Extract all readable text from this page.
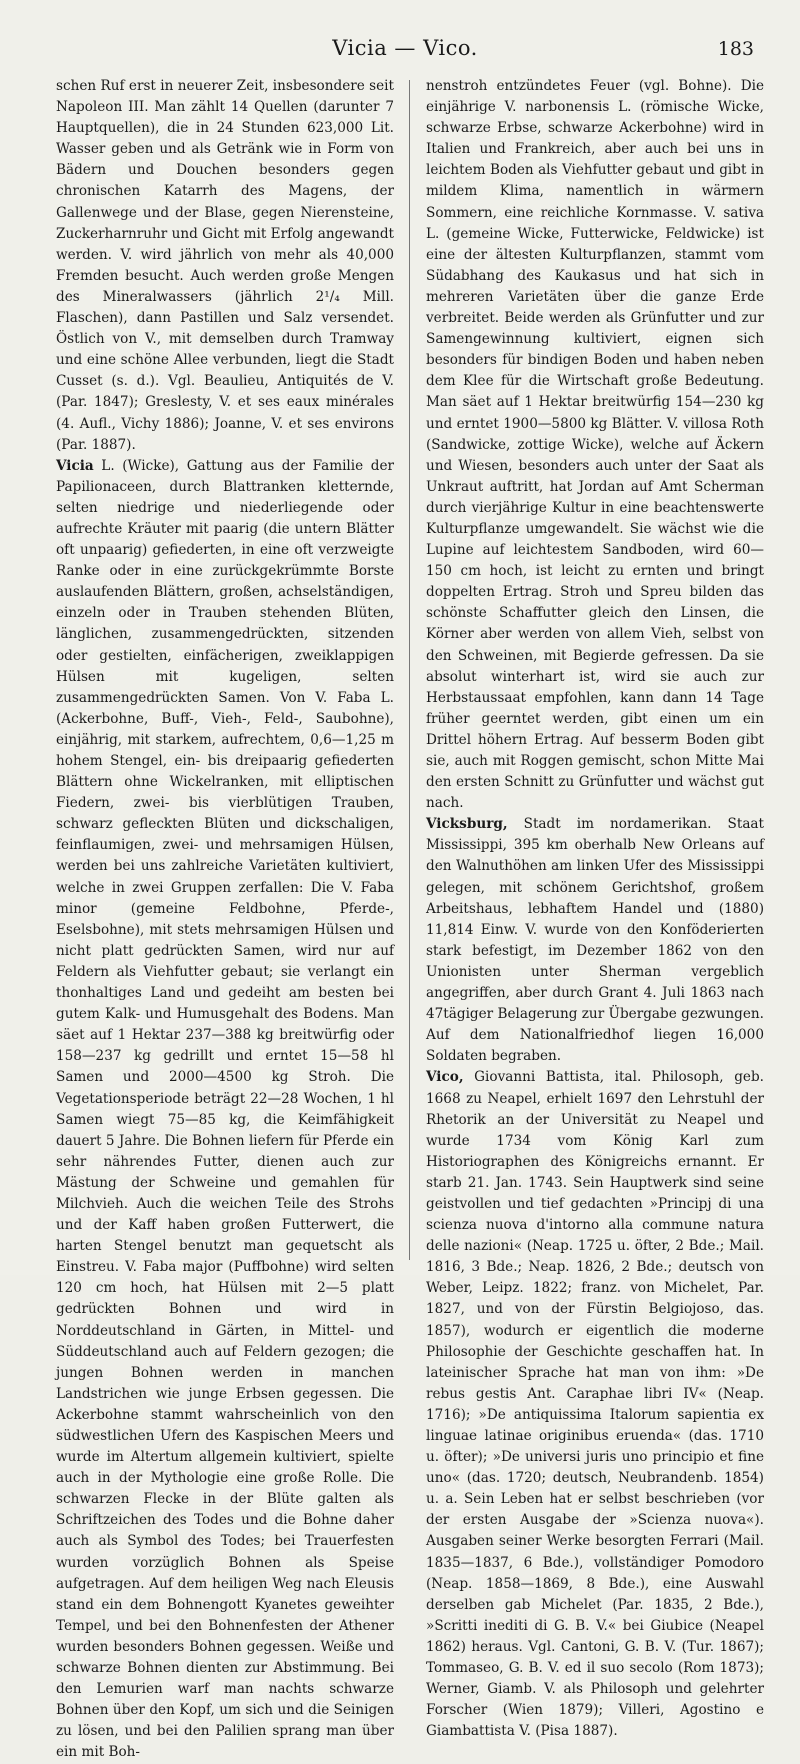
Vicia — Vico.	183

schen Ruf erst in neuerer Zeit, insbesondere seit Napoleon III. Man zählt 14 Quellen (darunter 7 Hauptquellen), die in 24 Stunden 623,000 Lit. Wasser geben und als Getränk wie in Form von Bädern und Douchen besonders gegen chronischen Katarrh des Magens, der Gallenwege und der Blase, gegen Nierensteine, Zuckerharnruhr und Gicht mit Erfolg angewandt werden. V. wird jährlich von mehr als 40,000 Fremden besucht. Auch werden große Mengen des Mineralwassers (jährlich 2¹/₄ Mill. Flaschen), dann Pastillen und Salz versendet. Östlich von V., mit demselben durch Tramway und eine schöne Allee verbunden, liegt die Stadt Cusset (s. d.). Vgl. Beaulieu, Antiquités de V. (Par. 1847); Greslesty, V. et ses eaux minérales (4. Aufl., Vichy 1886); Joanne, V. et ses environs (Par. 1887).

Vicia L. (Wicke), Gattung aus der Familie der Papilionaceen, durch Blattranken kletternde, selten niedrige und niederliegende oder aufrechte Kräuter mit paarig (die untern Blätter oft unpaarig) gefiederten, in eine oft verzweigte Ranke oder in eine zurückgekrümmte Borste auslaufenden Blättern, großen, achselständigen, einzeln oder in Trauben stehenden Blüten, länglichen, zusammengedrückten, sitzenden oder gestielten, einfächerigen, zweiklappigen Hülsen mit kugeligen, selten zusammengedrückten Samen. Von V. Faba L. (Ackerbohne, Buff-, Vieh-, Feld-, Saubohne), einjährig, mit starkem, aufrechtem, 0,6—1,25 m hohem Stengel, ein- bis dreipaarig gefiederten Blättern ohne Wickelranken, mit elliptischen Fiedern, zwei- bis vierblütigen Trauben, schwarz gefleckten Blüten und dickschaligen, feinflaumigen, zwei- und mehrsamigen Hülsen, werden bei uns zahlreiche Varietäten kultiviert, welche in zwei Gruppen zerfallen: Die V. Faba minor (gemeine Feldbohne, Pferde-, Eselsbohne), mit stets mehrsamigen Hülsen und nicht platt gedrückten Samen, wird nur auf Feldern als Viehfutter gebaut; sie verlangt ein thonhaltiges Land und gedeiht am besten bei gutem Kalk- und Humusgehalt des Bodens. Man säet auf 1 Hektar 237—388 kg breitwürfig oder 158—237 kg gedrillt und erntet 15—58 hl Samen und 2000—4500 kg Stroh. Die Vegetationsperiode beträgt 22—28 Wochen, 1 hl Samen wiegt 75—85 kg, die Keimfähigkeit dauert 5 Jahre. Die Bohnen liefern für Pferde ein sehr nährendes Futter, dienen auch zur Mästung der Schweine und gemahlen für Milchvieh. Auch die weichen Teile des Strohs und der Kaff haben großen Futterwert, die harten Stengel benutzt man gequetscht als Einstreu. V. Faba major (Puffbohne) wird selten 120 cm hoch, hat Hülsen mit 2—5 platt gedrückten Bohnen und wird in Norddeutschland in Gärten, in Mittel- und Süddeutschland auch auf Feldern gezogen; die jungen Bohnen werden in manchen Landstrichen wie junge Erbsen gegessen. Die Ackerbohne stammt wahrscheinlich von den südwestlichen Ufern des Kaspischen Meers und wurde im Altertum allgemein kultiviert, spielte auch in der Mythologie eine große Rolle. Die schwarzen Flecke in der Blüte galten als Schriftzeichen des Todes und die Bohne daher auch als Symbol des Todes; bei Trauerfesten wurden vorzüglich Bohnen als Speise aufgetragen. Auf dem heiligen Weg nach Eleusis stand ein dem Bohnengott Kyanetes geweihter Tempel, und bei den Bohnenfesten der Athener wurden besonders Bohnen gegessen. Weiße und schwarze Bohnen dienten zur Abstimmung. Bei den Lemurien warf man nachts schwarze Bohnen über den Kopf, um sich und die Seinigen zu lösen, und bei den Palilien sprang man über ein mit Boh-

nenstroh entzündetes Feuer (vgl. Bohne). Die einjährige V. narbonensis L. (römische Wicke, schwarze Erbse, schwarze Ackerbohne) wird in Italien und Frankreich, aber auch bei uns in leichtem Boden als Viehfutter gebaut und gibt in mildem Klima, namentlich in wärmern Sommern, eine reichliche Kornmasse. V. sativa L. (gemeine Wicke, Futterwicke, Feldwicke) ist eine der ältesten Kulturpflanzen, stammt vom Südabhang des Kaukasus und hat sich in mehreren Varietäten über die ganze Erde verbreitet. Beide werden als Grünfutter und zur Samengewinnung kultiviert, eignen sich besonders für bindigen Boden und haben neben dem Klee für die Wirtschaft große Bedeutung. Man säet auf 1 Hektar breitwürfig 154—230 kg und erntet 1900—5800 kg Blätter. V. villosa Roth (Sandwicke, zottige Wicke), welche auf Äckern und Wiesen, besonders auch unter der Saat als Unkraut auftritt, hat Jordan auf Amt Scherman durch vierjährige Kultur in eine beachtenswerte Kulturpflanze umgewandelt. Sie wächst wie die Lupine auf leichtestem Sandboden, wird 60—150 cm hoch, ist leicht zu ernten und bringt doppelten Ertrag. Stroh und Spreu bilden das schönste Schaffutter gleich den Linsen, die Körner aber werden von allem Vieh, selbst von den Schweinen, mit Begierde gefressen. Da sie absolut winterhart ist, wird sie auch zur Herbstaussaat empfohlen, kann dann 14 Tage früher geerntet werden, gibt einen um ein Drittel höhern Ertrag. Auf besserm Boden gibt sie, auch mit Roggen gemischt, schon Mitte Mai den ersten Schnitt zu Grünfutter und wächst gut nach.

Vicksburg, Stadt im nordamerikan. Staat Mississippi, 395 km oberhalb New Orleans auf den Walnuthöhen am linken Ufer des Mississippi gelegen, mit schönem Gerichtshof, großem Arbeitshaus, lebhaftem Handel und (1880) 11,814 Einw. V. wurde von den Konföderierten stark befestigt, im Dezember 1862 von den Unionisten unter Sherman vergeblich angegriffen, aber durch Grant 4. Juli 1863 nach 47tägiger Belagerung zur Übergabe gezwungen. Auf dem Nationalfriedhof liegen 16,000 Soldaten begraben.

Vico, Giovanni Battista, ital. Philosoph, geb. 1668 zu Neapel, erhielt 1697 den Lehrstuhl der Rhetorik an der Universität zu Neapel und wurde 1734 vom König Karl zum Historiographen des Königreichs ernannt. Er starb 21. Jan. 1743. Sein Hauptwerk sind seine geistvollen und tief gedachten »Principj di una scienza nuova d'intorno alla commune natura delle nazioni« (Neap. 1725 u. öfter, 2 Bde.; Mail. 1816, 3 Bde.; Neap. 1826, 2 Bde.; deutsch von Weber, Leipz. 1822; franz. von Michelet, Par. 1827, und von der Fürstin Belgiojoso, das. 1857), wodurch er eigentlich die moderne Philosophie der Geschichte geschaffen hat. In lateinischer Sprache hat man von ihm: »De rebus gestis Ant. Caraphae libri IV« (Neap. 1716); »De antiquissima Italorum sapientia ex linguae latinae originibus eruenda« (das. 1710 u. öfter); »De universi juris uno principio et fine uno« (das. 1720; deutsch, Neubrandenb. 1854) u. a. Sein Leben hat er selbst beschrieben (vor der ersten Ausgabe der »Scienza nuova«). Ausgaben seiner Werke besorgten Ferrari (Mail. 1835—1837, 6 Bde.), vollständiger Pomodoro (Neap. 1858—1869, 8 Bde.), eine Auswahl derselben gab Michelet (Par. 1835, 2 Bde.), »Scritti inediti di G. B. V.« bei Giubice (Neapel 1862) heraus. Vgl. Cantoni, G. B. V. (Tur. 1867); Tommaseo, G. B. V. ed il suo secolo (Rom 1873); Werner, Giamb. V. als Philosoph und gelehrter Forscher (Wien 1879); Villeri, Agostino e Giambattista V. (Pisa 1887).
